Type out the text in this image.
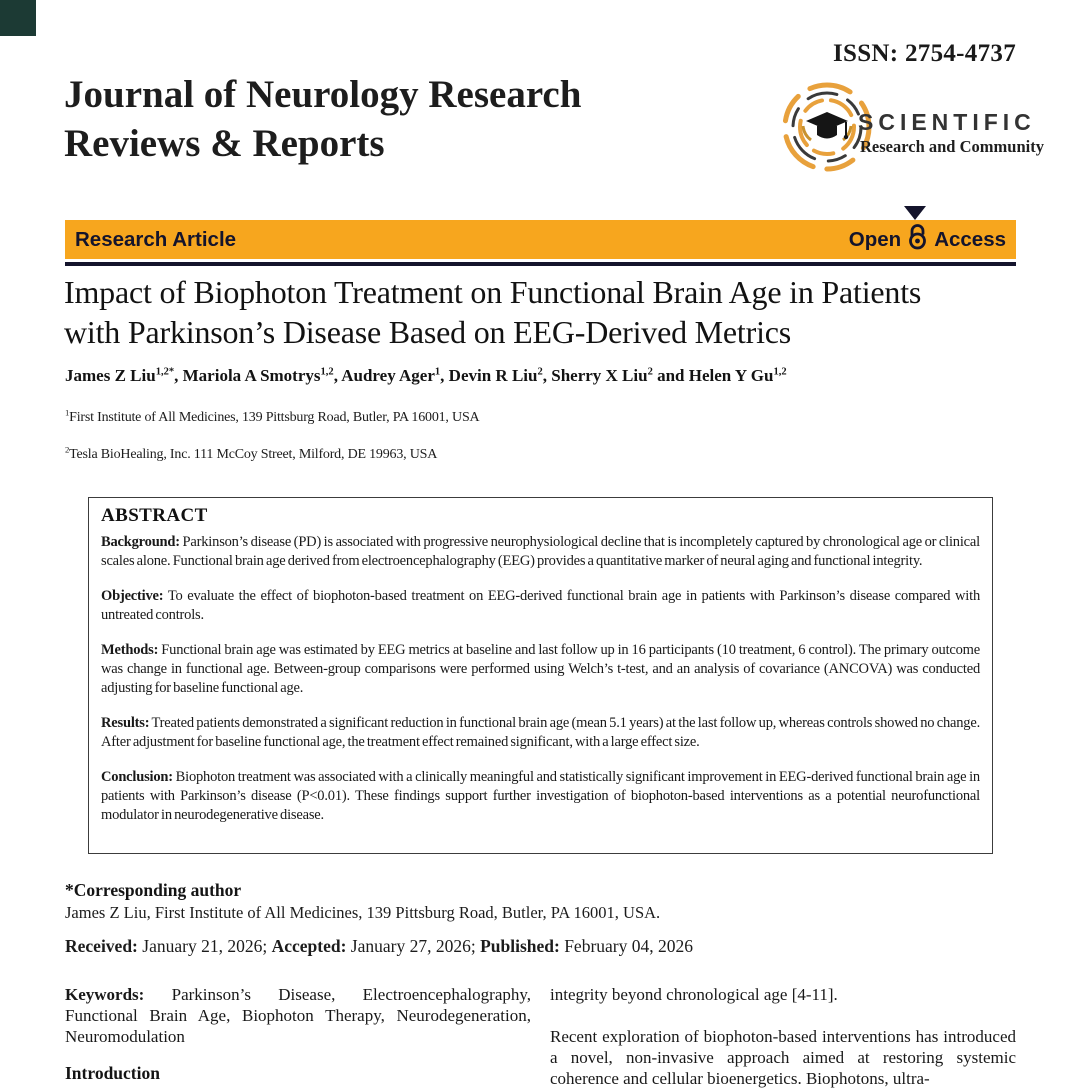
ISSN: 2754-4737
Journal of Neurology Research
Reviews & Reports
SCIENTIFIC
Research and Community
Research Article	Open Access
Impact of Biophoton Treatment on Functional Brain Age in Patients
with Parkinson’s Disease Based on EEG-Derived Metrics
James Z Liu$^{1,2*}$, Mariola A Smotrys$^{1,2}$, Audrey Ager$^1$, Devin R Liu$^2$, Sherry X Liu$^2$ and Helen Y Gu$^{1,2}$
$^1$First Institute of All Medicines, 139 Pittsburg Road, Butler, PA 16001, USA
$^2$Tesla BioHealing, Inc. 111 McCoy Street, Milford, DE 19963, USA
ABSTRACT

Background: Parkinson’s disease (PD) is associated with progressive neurophysiological decline that is incompletely captured by chronological age or clinical scales alone. Functional brain age derived from electroencephalography (EEG) provides a quantitative marker of neural aging and functional integrity.

Objective: To evaluate the effect of biophoton-based treatment on EEG-derived functional brain age in patients with Parkinson’s disease compared with untreated controls.

Methods: Functional brain age was estimated by EEG metrics at baseline and last follow up in 16 participants (10 treatment, 6 control). The primary outcome was change in functional age. Between-group comparisons were performed using Welch’s t-test, and an analysis of covariance (ANCOVA) was conducted adjusting for baseline functional age.

Results: Treated patients demonstrated a significant reduction in functional brain age (mean 5.1 years) at the last follow up, whereas controls showed no change. After adjustment for baseline functional age, the treatment effect remained significant, with a large effect size.

Conclusion: Biophoton treatment was associated with a clinically meaningful and statistically significant improvement in EEG-derived functional brain age in patients with Parkinson’s disease (P<0.01). These findings support further investigation of biophoton-based interventions as a potential neurofunctional modulator in neurodegenerative disease.

*Corresponding author
James Z Liu, First Institute of All Medicines, 139 Pittsburg Road, Butler, PA 16001, USA.
Received: January 21, 2026; Accepted: January 27, 2026; Published: February 04, 2026

Keywords: Parkinson’s Disease, Electroencephalography, Functional Brain Age, Biophoton Therapy, Neurodegeneration, Neuromodulation

Introduction

integrity beyond chronological age [4-11].

Recent exploration of biophoton-based interventions has introduced a novel, non-invasive approach aimed at restoring systemic coherence and cellular bioenergetics. Biophotons, ultra-
